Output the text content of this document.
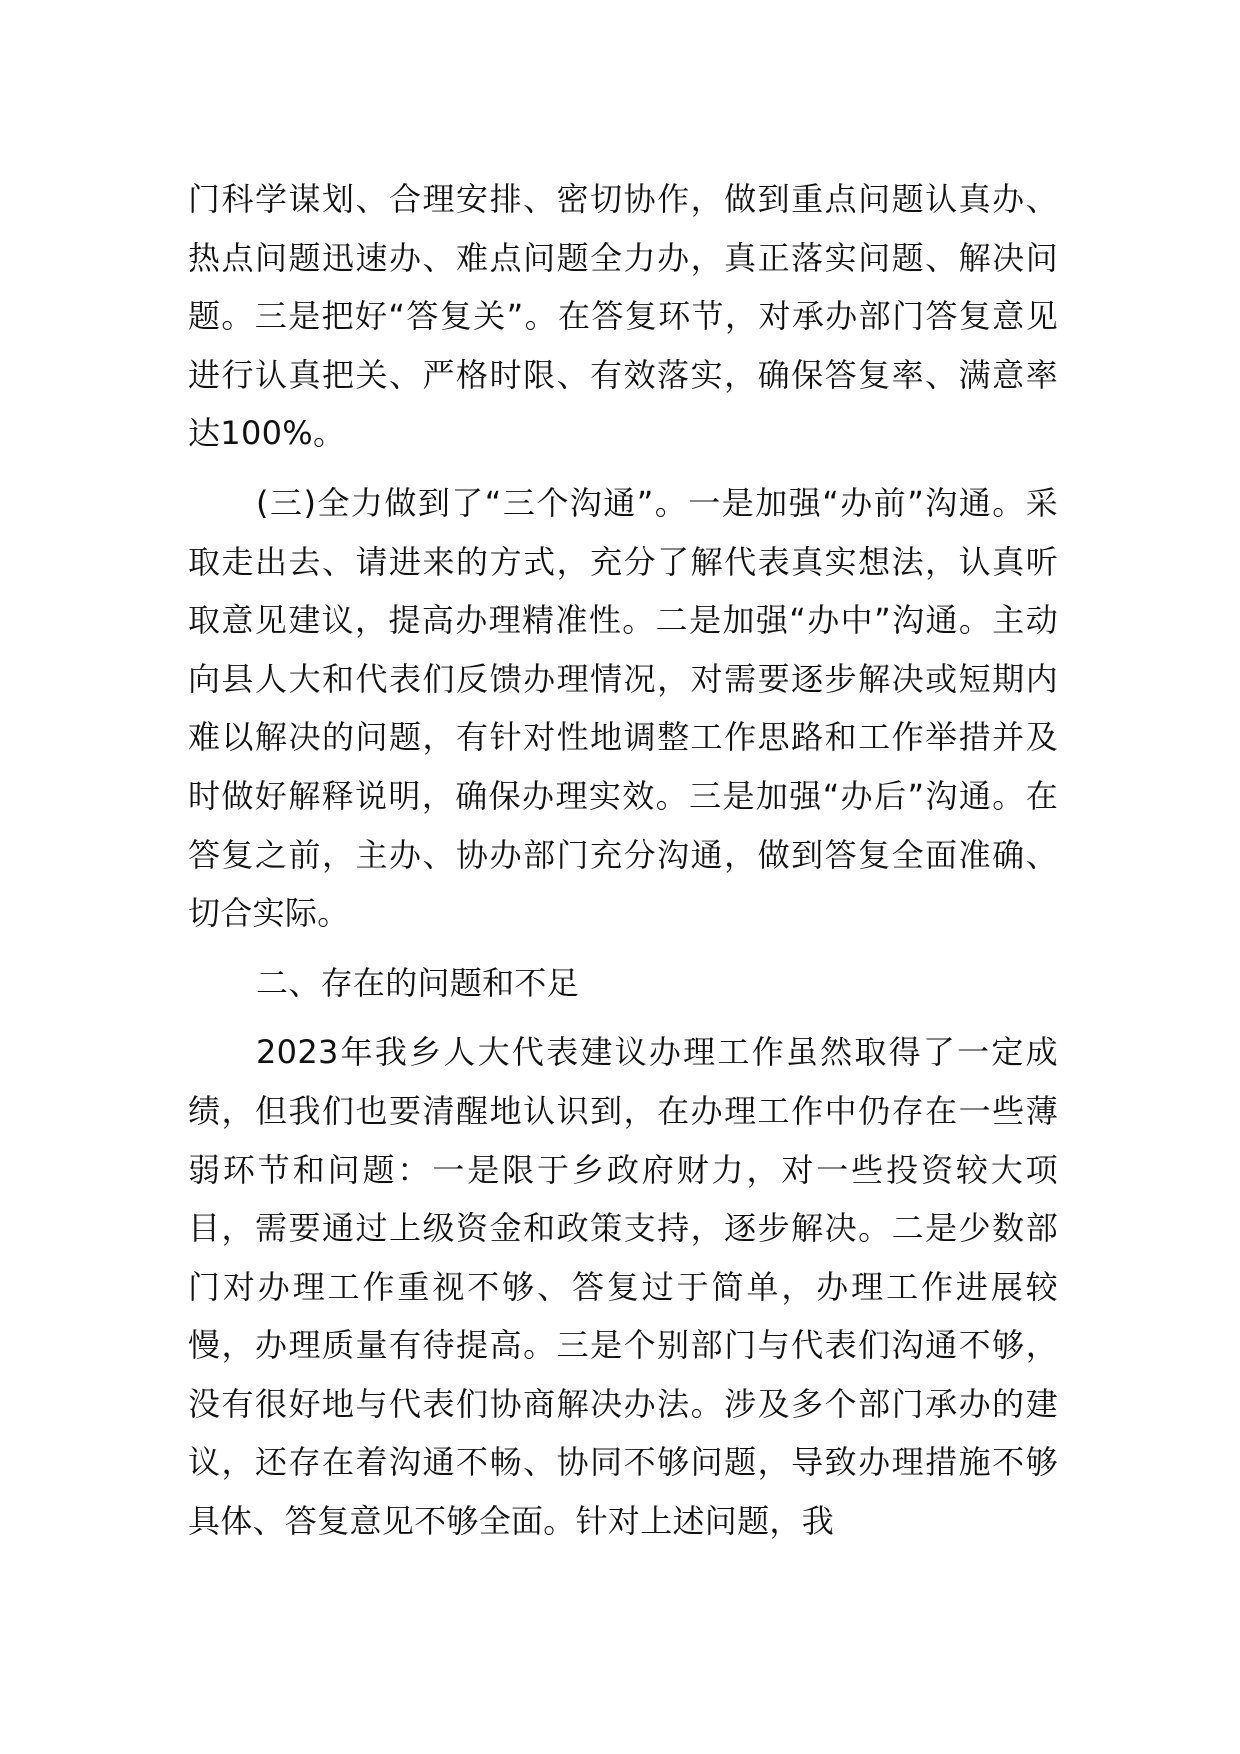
门科学谋划、合理安排、密切协作，做到重点问题认真办、热点问题迅速办、难点问题全力办，真正落实问题、解决问题。三是把好“答复关”。在答复环节，对承办部门答复意见进行认真把关、严格时限、有效落实，确保答复率、满意率达100%。

(三)全力做到了“三个沟通”。一是加强“办前”沟通。采取走出去、请进来的方式，充分了解代表真实想法，认真听取意见建议，提高办理精准性。二是加强“办中”沟通。主动向县人大和代表们反馈办理情况，对需要逐步解决或短期内难以解决的问题，有针对性地调整工作思路和工作举措并及时做好解释说明，确保办理实效。三是加强“办后”沟通。在答复之前，主办、协办部门充分沟通，做到答复全面准确、切合实际。

二、存在的问题和不足

2023年我乡人大代表建议办理工作虽然取得了一定成绩，但我们也要清醒地认识到，在办理工作中仍存在一些薄弱环节和问题：一是限于乡政府财力，对一些投资较大项目，需要通过上级资金和政策支持，逐步解决。二是少数部门对办理工作重视不够、答复过于简单，办理工作进展较慢，办理质量有待提高。三是个别部门与代表们沟通不够，没有很好地与代表们协商解决办法。涉及多个部门承办的建议，还存在着沟通不畅、协同不够问题，导致办理措施不够具体、答复意见不够全面。针对上述问题，我
